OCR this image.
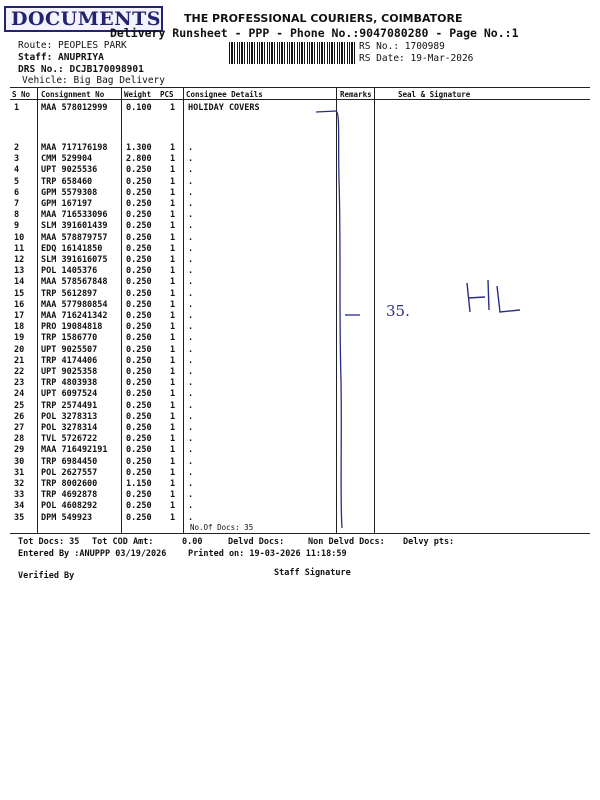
DOCUMENTS THE PROFESSIONAL COURIERS, COIMBATORE
Delivery Runsheet - PPP - Phone No.:9047080280 - Page No.:1
Route: PEOPLES PARK
Staff: ANUPRIYA
DRS No.: DCJB170098901
Vehicle: Big Bag Delivery
RS No.: 1700989
RS Date: 19-Mar-2026
S No Consignment No	Weight PCS Consignee Details	Remarks	Seal & Signature
1	MAA 578012999 0.100 1 HOLIDAY COVERS
2	MAA 717176198 1.300 1 .
3	CMM 529904	2.800 1 .
4	UPT 9025536	0.250 1 .
5	TRP 658460	0.250 1 .
6	GPM 5579308	0.250 1 .
7	GPM 167197	0.250 1 .
8	MAA 716533096 0.250 1 .
9	SLM 391601439 0.250 1 .
10 MAA 578879757 0.250 1 .
11 EDQ 16141850	0.250 1 .
12 SLM 391616075 0.250 1 .
13 POL 1405376	0.250 1 .
14 MAA 578567848 0.250 1 .
15 TRP 5612897	0.250 1 .
16 MAA 577980854 0.250 1 .
17 MAA 716241342 0.250 1 .
18 PRO 19084818	0.250 1 .
19 TRP 1586770	0.250 1 .
20 UPT 9025507	0.250 1 .
21 TRP 4174406	0.250 1 .
22 UPT 9025358	0.250 1 .
23 TRP 4803938	0.250 1 .
24 UPT 6097524	0.250 1 .
25 TRP 2574491	0.250 1 .
26 POL 3278313	0.250 1 .
27 POL 3278314	0.250 1 .
28 TVL 5726722	0.250 1 .
29 MAA 716492191 0.250 1 .
30 TRP 6984450	0.250 1 .
31 POL 2627557	0.250 1 .
32 TRP 8002600	1.150 1 .
33 TRP 4692878	0.250 1 .
34 POL 4608292	0.250 1 .
35 DPM 549923	0.250 1 .
No.Of Docs: 35
35.
Tot Docs: 35 Tot COD Amt:	0.00	Delvd Docs:	Non Delvd Docs: Delvy pts:
Entered By :ANUPPP 03/19/2026	Printed on: 19-03-2026 11:18:59
Verified By	Staff Signature
